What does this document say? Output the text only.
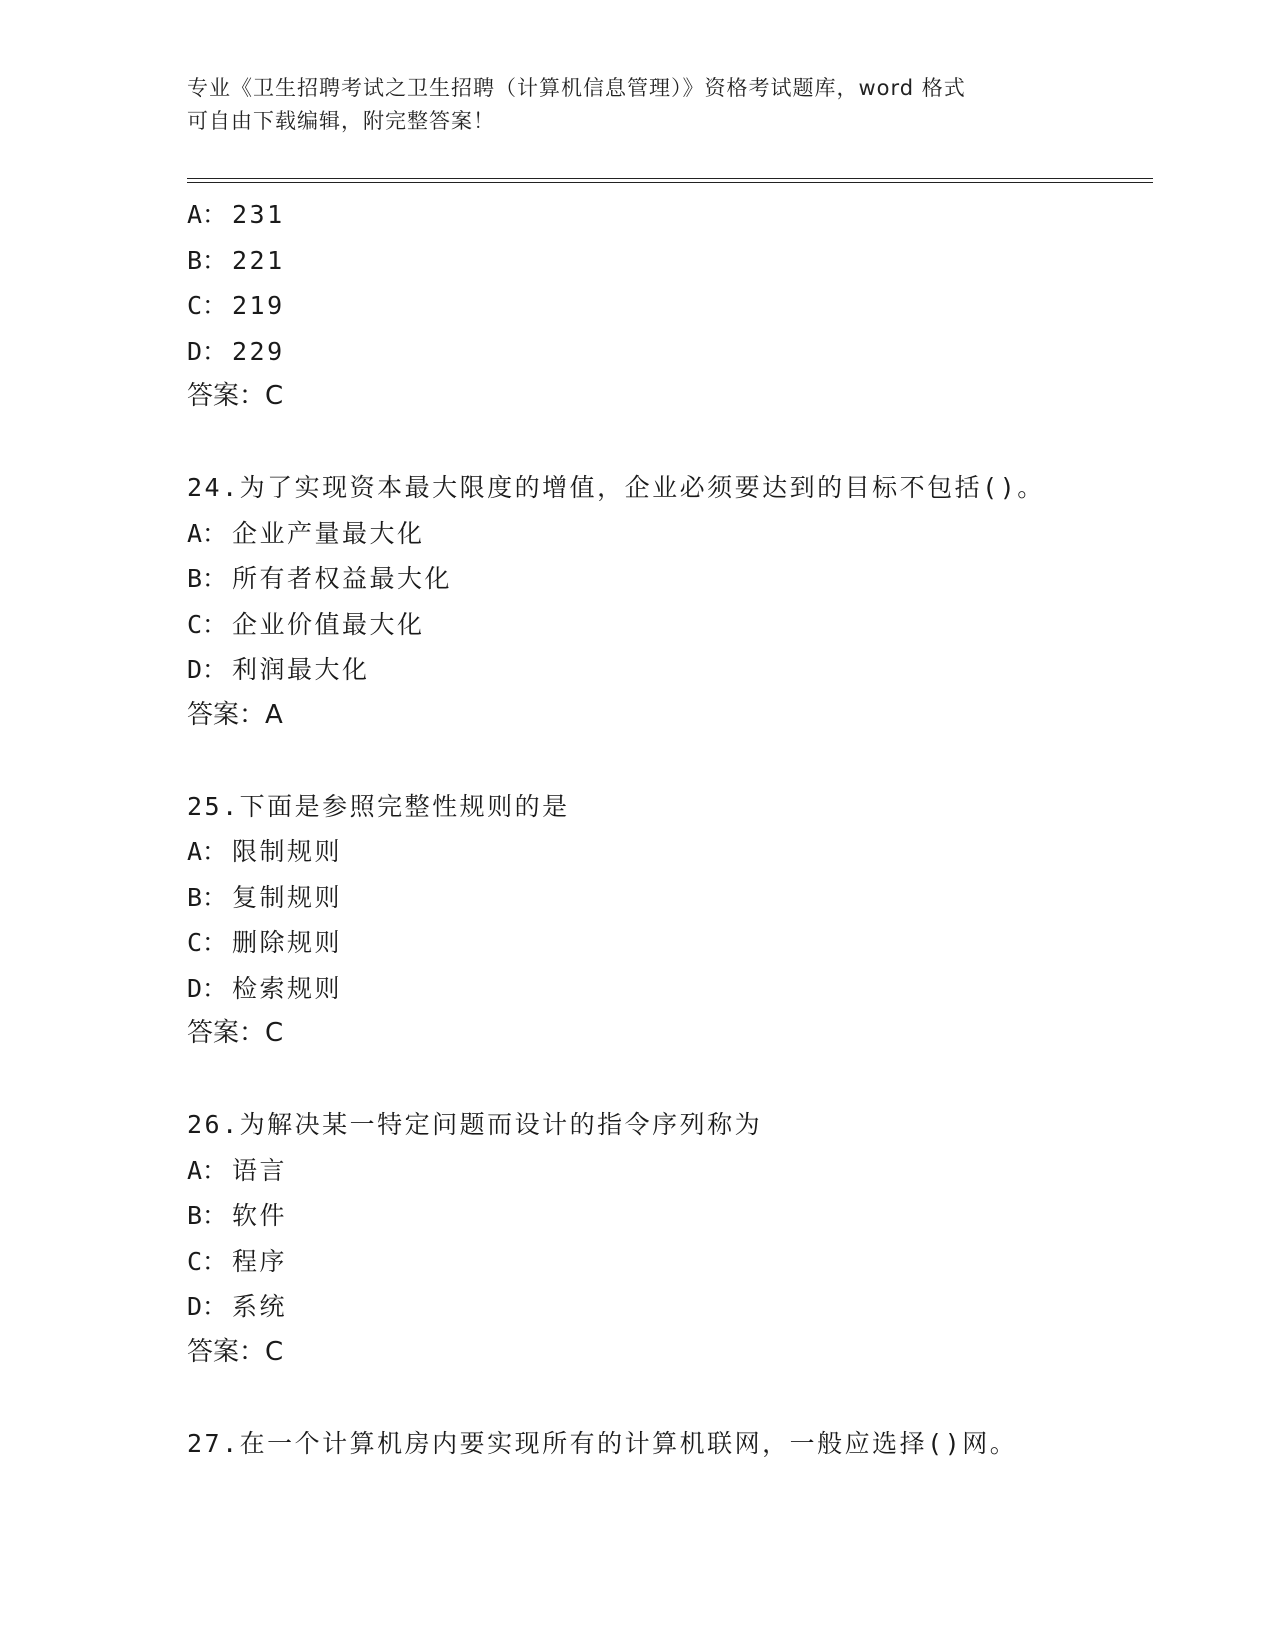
专业《卫生招聘考试之卫生招聘（计算机信息管理）》资格考试题库，word 格式
可自由下载编辑，附完整答案！
A： 231
B： 221
C： 219
D： 229
答案：C
24.为了实现资本最大限度的增值，企业必须要达到的目标不包括()。
A： 企业产量最大化
B： 所有者权益最大化
C： 企业价值最大化
D： 利润最大化
答案：A
25.下面是参照完整性规则的是
A： 限制规则
B： 复制规则
C： 删除规则
D： 检索规则
答案：C
26.为解决某一特定问题而设计的指令序列称为
A： 语言
B： 软件
C： 程序
D： 系统
答案：C
27.在一个计算机房内要实现所有的计算机联网，一般应选择()网。
